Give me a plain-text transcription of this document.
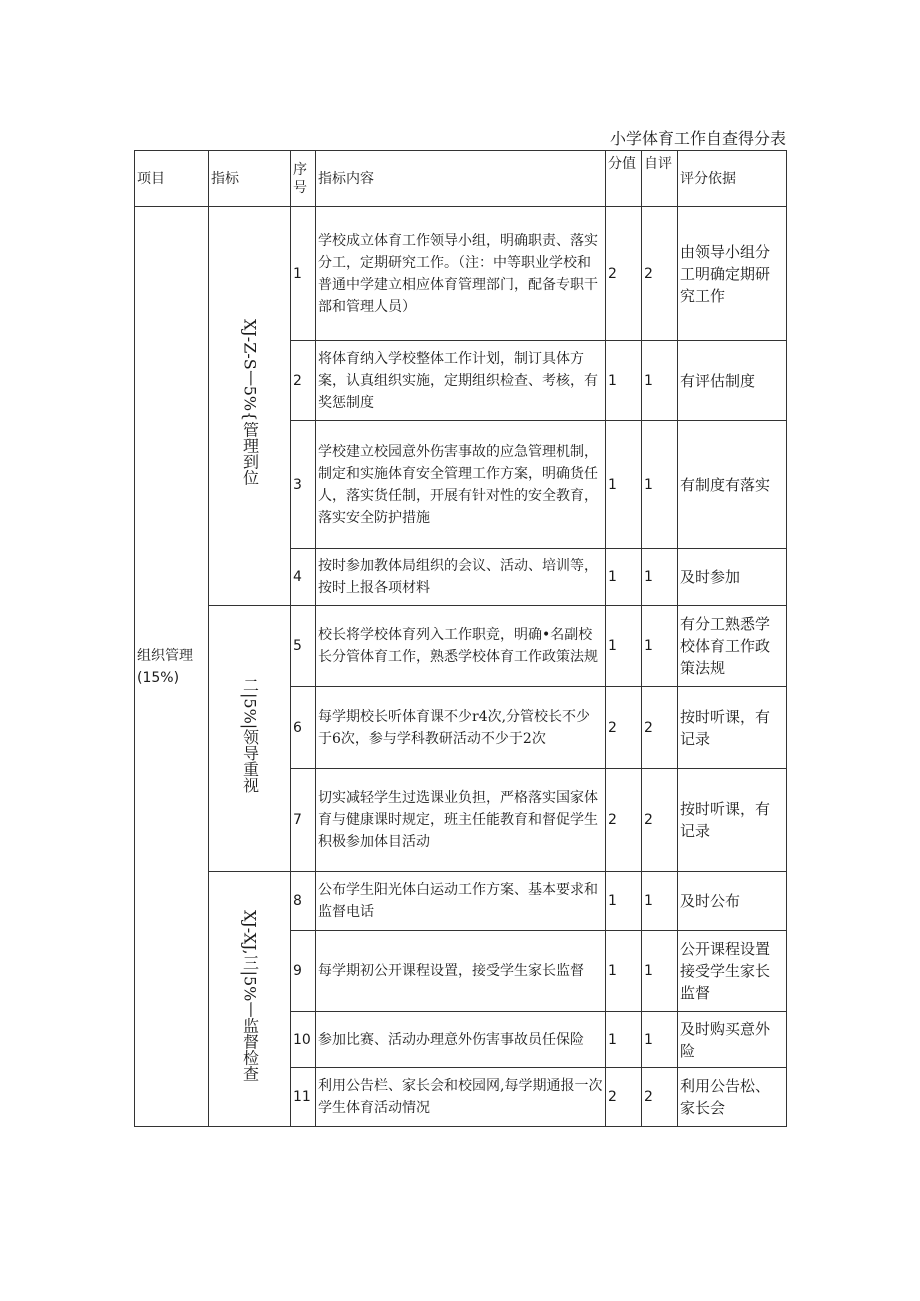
小学体育工作自查得分表
项目	指标	序号	指标内容	分值	自评	评分依据
组织管理(15%)	XJ-Z-S丨5%{管理到位	1	学校成立体育工作领导小组，明确职责、落实分工，定期研究工作。（注：中等职业学校和普通中学建立相应体育管理部门，配备专职干部和管理人员）	2	2	由领导小组分工明确定期研究工作
		2	将体育纳入学校整体工作计划，制订具体方案，认真组织实施，定期组织检查、考核，有奖惩制度	1	1	有评估制度
		3	学校建立校园意外伤害事故的应急管理机制，制定和实施体育安全管理工作方案，明确货任人，落实货任制，开展有针对性的安全教育，落实安全防护措施	1	1	有制度有落实
		4	按时参加教体局组织的会议、活动、培训等，按时上报各项材料	1	1	及时参加
	二|5%|领导重视	5	校长将学校体育列入工作职竞，明确•名副校长分管体育工作，熟悉学校体育工作政策法规	1	1	有分工熟悉学校体育工作政策法规
		6	每学期校长听体育课不少r4次,分管校长不少于6次，参与学科教研活动不少于2次	2	2	按时听课，有记录
		7	切实减轻学生过选课业负担，严格落实国家体育与健康课时规定，班主任能教育和督促学生积极参加体目活动	2	2	按时听课，有记录
	XJ-XJ,三|5%丨监督检查	8	公布学生阳光体白运动工作方案、基本要求和监督电话	1	1	及时公布
		9	每学期初公开课程设置，接受学生家长监督	1	1	公开课程设置接受学生家长监督
		10	参加比赛、活动办理意外伤害事故员任保险	1	1	及时购买意外险
		11	利用公告栏、家长会和校园网,每学期通报一次学生体育活动情况	2	2	利用公告松、家长会
